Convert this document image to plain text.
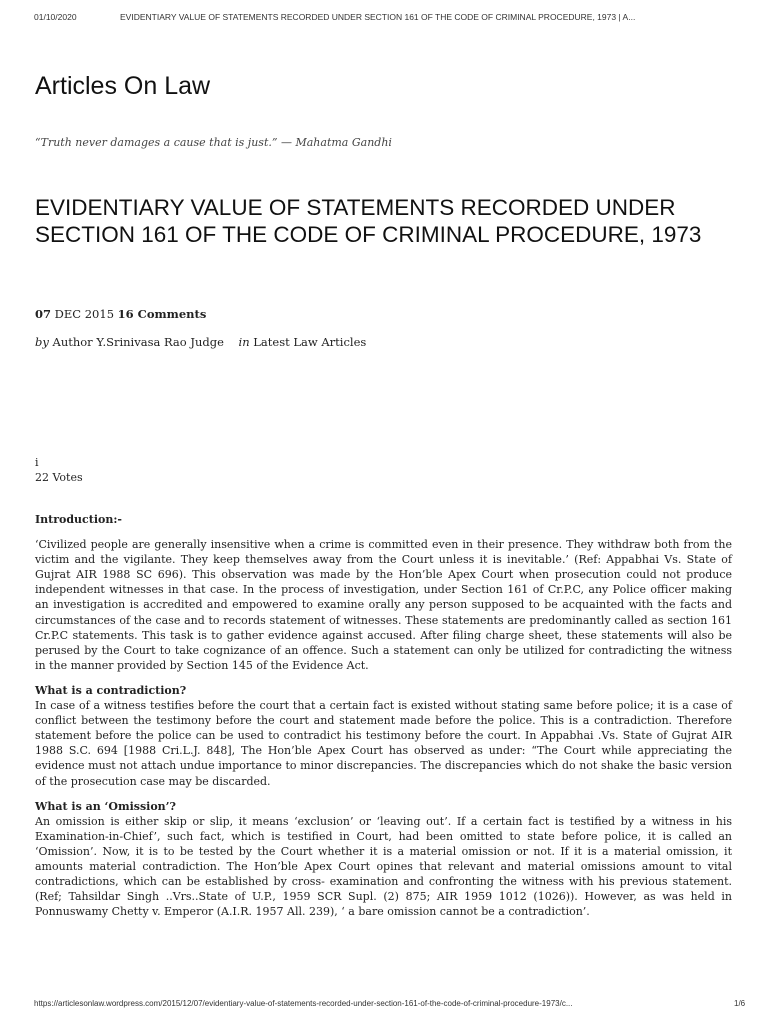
01/10/2020	EVIDENTIARY VALUE OF STATEMENTS RECORDED UNDER SECTION 161 OF THE CODE OF CRIMINAL PROCEDURE, 1973 | A...
Articles On Law
“Truth never damages a cause that is just.” — Mahatma Gandhi
EVIDENTIARY VALUE OF STATEMENTS RECORDED UNDER SECTION 161 OF THE CODE OF CRIMINAL PROCEDURE, 1973
07 DEC 2015 16 Comments
by Author Y.Srinivasa Rao Judge in Latest Law Articles
i
22 Votes
Introduction:-

‘Civilized people are generally insensitive when a crime is committed even in their presence. They withdraw both from the victim and the vigilante. They keep themselves away from the Court unless it is inevitable.’ (Ref: Appabhai Vs. State of Gujrat AIR 1988 SC 696). This observation was made by the Hon’ble Apex Court when prosecution could not produce independent witnesses in that case. In the process of investigation, under Section 161 of Cr.P.C, any Police officer making an investigation is accredited and empowered to examine orally any person supposed to be acquainted with the facts and circumstances of the case and to records statement of witnesses. These statements are predominantly called as section 161 Cr.P.C statements. This task is to gather evidence against accused. After filing charge sheet, these statements will also be perused by the Court to take cognizance of an offence. Such a statement can only be utilized for contradicting the witness in the manner provided by Section 145 of the Evidence Act.

What is a contradiction?
In case of a witness testifies before the court that a certain fact is existed without stating same before police; it is a case of conflict between the testimony before the court and statement made before the police. This is a contradiction. Therefore statement before the police can be used to contradict his testimony before the court. In Appabhai .Vs. State of Gujrat AIR 1988 S.C. 694 [1988 Cri.L.J. 848], The Hon’ble Apex Court has observed as under: “The Court while appreciating the evidence must not attach undue importance to minor discrepancies. The discrepancies which do not shake the basic version of the prosecution case may be discarded.

What is an ‘Omission’?
An omission is either skip or slip, it means ‘exclusion’ or ‘leaving out’. If a certain fact is testified by a witness in his Examination-in-Chief’, such fact, which is testified in Court, had been omitted to state before police, it is called an ‘Omission’. Now, it is to be tested by the Court whether it is a material omission or not. If it is a material omission, it amounts material contradiction. The Hon’ble Apex Court opines that relevant and material omissions amount to vital contradictions, which can be established by cross- examination and confronting the witness with his previous statement. (Ref; Tahsildar Singh ..Vrs..State of U.P., 1959 SCR Supl. (2) 875; AIR 1959 1012 (1026)). However, as was held in Ponnuswamy Chetty v. Emperor (A.I.R. 1957 All. 239), ‘ a bare omission cannot be a contradiction’.

https://articlesonlaw.wordpress.com/2015/12/07/evidentiary-value-of-statements-recorded-under-section-161-of-the-code-of-criminal-procedure-1973/c...	1/6
